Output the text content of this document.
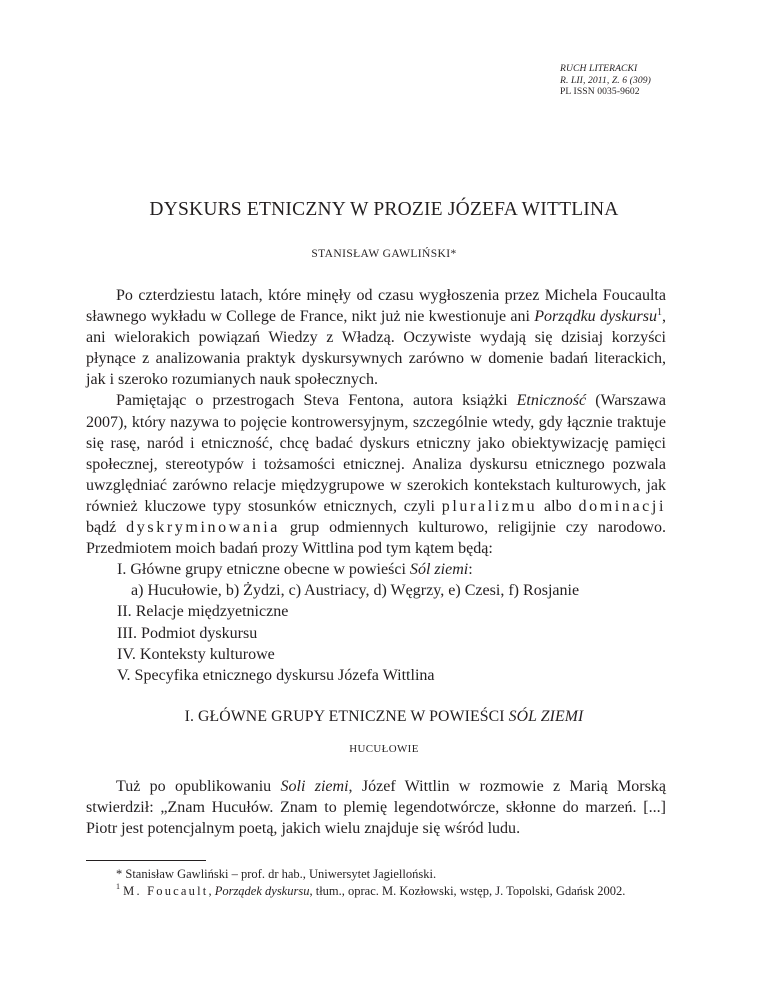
RUCH LITERACKI
R. LII, 2011, Z. 6 (309)
PL ISSN 0035-9602
DYSKURS ETNICZNY W PROZIE JÓZEFA WITTLINA
STANISŁAW GAWLIŃSKI*

Po czterdziestu latach, które minęły od czasu wygłoszenia przez Michela Foucaulta sławnego wykładu w College de France, nikt już nie kwestionuje ani Porządku dyskursu$^1$, ani wielorakich powiązań Wiedzy z Władzą. Oczywiste wydają się dzisiaj korzyści płynące z analizowania praktyk dyskursywnych zarówno w domenie badań literackich, jak i szeroko rozumianych nauk społecznych.

Pamiętając o przestrogach Steva Fentona, autora książki Etniczność (Warszawa 2007), który nazywa to pojęcie kontrowersyjnym, szczególnie wtedy, gdy łącznie traktuje się rasę, naród i etniczność, chcę badać dyskurs etniczny jako obiektywizację pamięci społecznej, stereotypów i tożsamości etnicznej. Analiza dyskursu etnicznego pozwala uwzględniać zarówno relacje międzygrupowe w szerokich kontekstach kulturowych, jak również kluczowe typy stosunków etnicznych, czyli pluralizmu albo dominacji bądź dyskryminowania grup odmiennych kulturowo, religijnie czy narodowo. Przedmiotem moich badań prozy Wittlina pod tym kątem będą:

I. Główne grupy etniczne obecne w powieści Sól ziemi:
a) Hucułowie, b) Żydzi, c) Austriacy, d) Węgrzy, e) Czesi, f) Rosjanie
II. Relacje międzyetniczne
III. Podmiot dyskursu
IV. Konteksty kulturowe
V. Specyfika etnicznego dyskursu Józefa Wittlina
I. GŁÓWNE GRUPY ETNICZNE W POWIEŚCI SÓL ZIEMI
HUCUŁOWIE

Tuż po opublikowaniu Soli ziemi, Józef Wittlin w rozmowie z Marią Morską stwierdził: „Znam Hucułów. Znam to plemię legendotwórcze, skłonne do marzeń. [...] Piotr jest potencjalnym poetą, jakich wielu znajduje się wśród ludu.

* Stanisław Gawliński – prof. dr hab., Uniwersytet Jagielloński.

$^1$ M. Foucault, Porządek dyskursu, tłum., oprac. M. Kozłowski, wstęp, J. Topolski, Gdańsk 2002.
